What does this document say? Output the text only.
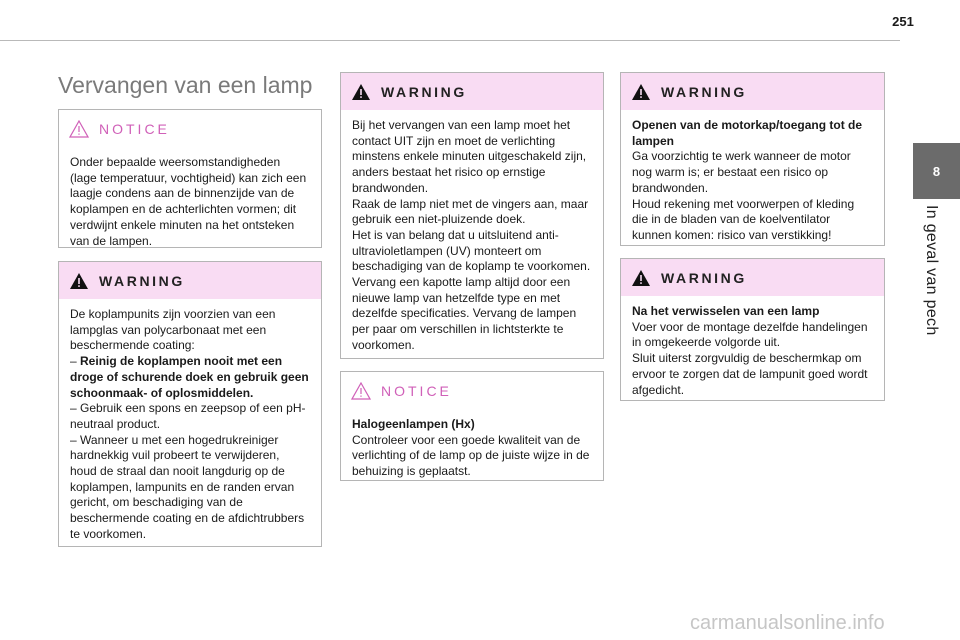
251
8
In geval van pech
Vervangen van een lamp
NOTICE

Onder bepaalde weersomstandigheden (lage temperatuur, vochtigheid) kan zich een laagje condens aan de binnenzijde van de koplampen en de achterlichten vormen; dit verdwijnt enkele minuten na het ontsteken van de lampen.

WARNING

De koplampunits zijn voorzien van een lampglas van polycarbonaat met een beschermende coating:

– Reinig de koplampen nooit met een droge of schurende doek en gebruik geen schoonmaak- of oplosmiddelen.

– Gebruik een spons en zeepsop of een pH-neutraal product.

– Wanneer u met een hogedrukreiniger hardnekkig vuil probeert te verwijderen, houd de straal dan nooit langdurig op de koplampen, lampunits en de randen ervan gericht, om beschadiging van de beschermende coating en de afdichtrubbers te voorkomen.

WARNING

Bij het vervangen van een lamp moet het contact UIT zijn en moet de verlichting minstens enkele minuten uitgeschakeld zijn, anders bestaat het risico op ernstige brandwonden.

Raak de lamp niet met de vingers aan, maar gebruik een niet-pluizende doek.

Het is van belang dat u uitsluitend anti-ultravioletlampen (UV) monteert om beschadiging van de koplamp te voorkomen.

Vervang een kapotte lamp altijd door een nieuwe lamp van hetzelfde type en met dezelfde specificaties. Vervang de lampen per paar om verschillen in lichtsterkte te voorkomen.

NOTICE

Halogeenlampen (Hx)

Controleer voor een goede kwaliteit van de verlichting of de lamp op de juiste wijze in de behuizing is geplaatst.

WARNING

Openen van de motorkap/toegang tot de lampen

Ga voorzichtig te werk wanneer de motor nog warm is; er bestaat een risico op brandwonden.

Houd rekening met voorwerpen of kleding die in de bladen van de koelventilator kunnen komen: risico van verstikking!

WARNING

Na het verwisselen van een lamp

Voer voor de montage dezelfde handelingen in omgekeerde volgorde uit.

Sluit uiterst zorgvuldig de beschermkap om ervoor te zorgen dat de lampunit goed wordt afgedicht.

carmanualsonline.info
